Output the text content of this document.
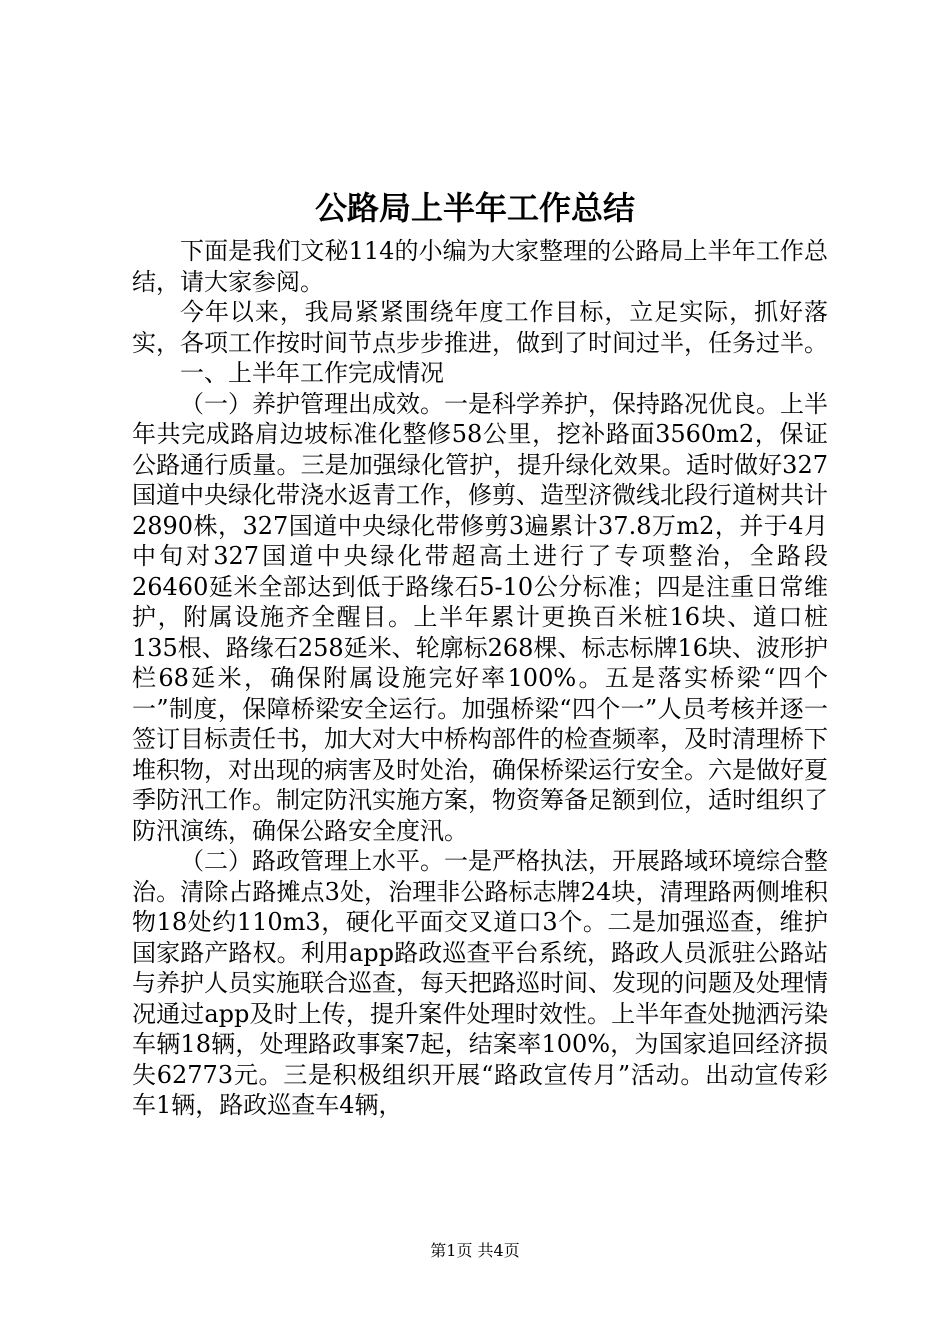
公路局上半年工作总结

下面是我们文秘114的小编为大家整理的公路局上半年工作总结，请大家参阅。

今年以来，我局紧紧围绕年度工作目标，立足实际，抓好落实，各项工作按时间节点步步推进，做到了时间过半，任务过半。

一、上半年工作完成情况

（一）养护管理出成效。一是科学养护，保持路况优良。上半年共完成路肩边坡标准化整修58公里，挖补路面3560m2，保证公路通行质量。三是加强绿化管护，提升绿化效果。适时做好327国道中央绿化带浇水返青工作，修剪、造型济微线北段行道树共计2890株，327国道中央绿化带修剪3遍累计37.8万m2，并于4月中旬对327国道中央绿化带超高土进行了专项整治，全路段26460延米全部达到低于路缘石5-10公分标准；四是注重日常维护，附属设施齐全醒目。上半年累计更换百米桩16块、道口桩135根、路缘石258延米、轮廓标268棵、标志标牌16块、波形护栏68延米，确保附属设施完好率100%。五是落实桥梁“四个一”制度，保障桥梁安全运行。加强桥梁“四个一”人员考核并逐一签订目标责任书，加大对大中桥构部件的检查频率，及时清理桥下堆积物，对出现的病害及时处治，确保桥梁运行安全。六是做好夏季防汛工作。制定防汛实施方案，物资筹备足额到位，适时组织了防汛演练，确保公路安全度汛。

（二）路政管理上水平。一是严格执法，开展路域环境综合整治。清除占路摊点3处，治理非公路标志牌24块，清理路两侧堆积物18处约110m3，硬化平面交叉道口3个。二是加强巡查，维护国家路产路权。利用app路政巡查平台系统，路政人员派驻公路站与养护人员实施联合巡查，每天把路巡时间、发现的问题及处理情况通过app及时上传，提升案件处理时效性。上半年查处抛洒污染车辆18辆，处理路政事案7起，结案率100%，为国家追回经济损失62773元。三是积极组织开展“路政宣传月”活动。出动宣传彩车1辆，路政巡查车4辆，

第1页 共4页
